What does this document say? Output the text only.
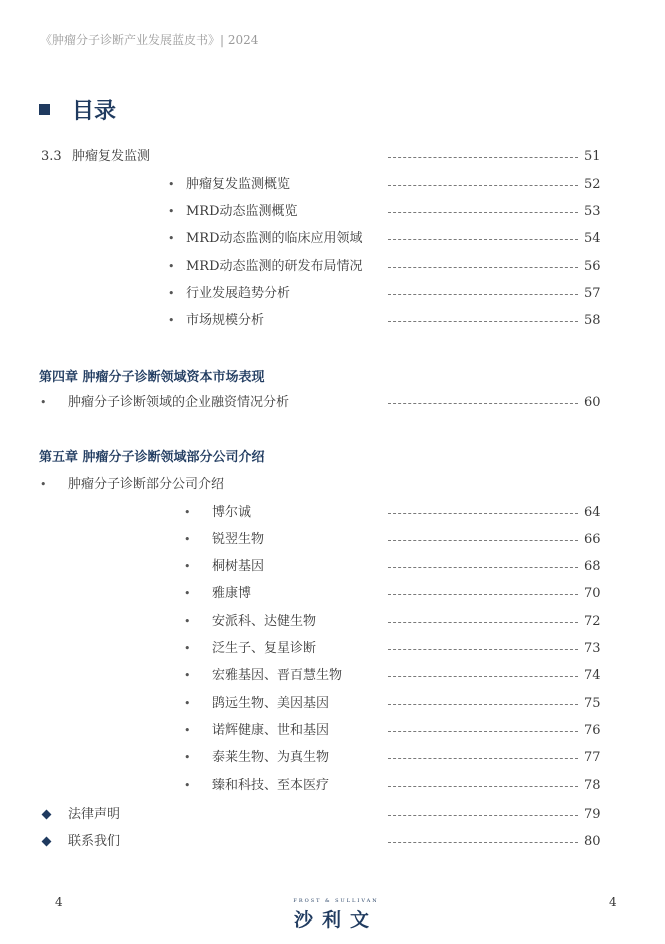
《肿瘤分子诊断产业发展蓝皮书》| 2024
目录
3.3 肿瘤复发监测	51
• 肿瘤复发监测概览	52
• MRD动态监测概览	53
• MRD动态监测的临床应用领域	54
• MRD动态监测的研发布局情况	56
• 行业发展趋势分析	57
• 市场规模分析	58
第四章 肿瘤分子诊断领域资本市场表现
• 肿瘤分子诊断领域的企业融资情况分析	60
第五章 肿瘤分子诊断领域部分公司介绍
• 肿瘤分子诊断部分公司介绍
• 博尔诚	64
• 锐翌生物	66
• 桐树基因	68
• 雅康博	70
• 安派科、达健生物	72
• 泛生子、复星诊断	73
• 宏雅基因、晋百慧生物	74
• 鹍远生物、美因基因	75
• 诺辉健康、世和基因	76
• 泰莱生物、为真生物	77
• 臻和科技、至本医疗	78
法律声明	79
联系我们	80
4	FROST & SULLIVAN
沙利文
4
